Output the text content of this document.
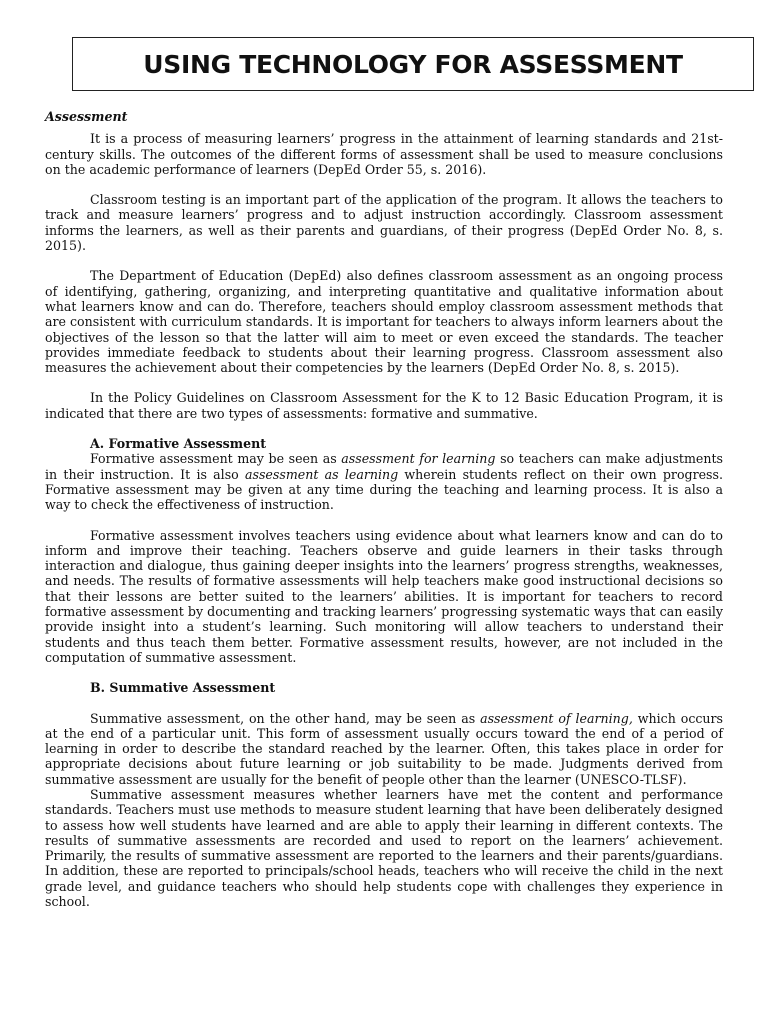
USING TECHNOLOGY FOR ASSESSMENT
Assessment

It is a process of measuring learners’ progress in the attainment of learning standards and 21st-century skills. The outcomes of the different forms of assessment shall be used to measure conclusions on the academic performance of learners (DepEd Order 55, s. 2016).

Classroom testing is an important part of the application of the program. It allows the teachers to track and measure learners’ progress and to adjust instruction accordingly. Classroom assessment informs the learners, as well as their parents and guardians, of their progress (DepEd Order No. 8, s. 2015).

The Department of Education (DepEd) also defines classroom assessment as an ongoing process of identifying, gathering, organizing, and interpreting quantitative and qualitative information about what learners know and can do. Therefore, teachers should employ classroom assessment methods that are consistent with curriculum standards. It is important for teachers to always inform learners about the objectives of the lesson so that the latter will aim to meet or even exceed the standards. The teacher provides immediate feedback to students about their learning progress. Classroom assessment also measures the achievement about their competencies by the learners (DepEd Order No. 8, s. 2015).

In the Policy Guidelines on Classroom Assessment for the K to 12 Basic Education Program, it is indicated that there are two types of assessments: formative and summative.

A. Formative Assessment

Formative assessment may be seen as assessment for learning so teachers can make adjustments in their instruction. It is also assessment as learning wherein students reflect on their own progress. Formative assessment may be given at any time during the teaching and learning process. It is also a way to check the effectiveness of instruction.

Formative assessment involves teachers using evidence about what learners know and can do to inform and improve their teaching. Teachers observe and guide learners in their tasks through interaction and dialogue, thus gaining deeper insights into the learners’ progress strengths, weaknesses, and needs. The results of formative assessments will help teachers make good instructional decisions so that their lessons are better suited to the learners’ abilities. It is important for teachers to record formative assessment by documenting and tracking learners’ progressing systematic ways that can easily provide insight into a student’s learning. Such monitoring will allow teachers to understand their students and thus teach them better. Formative assessment results, however, are not included in the computation of summative assessment.

B. Summative Assessment

Summative assessment, on the other hand, may be seen as assessment of learning, which occurs at the end of a particular unit. This form of assessment usually occurs toward the end of a period of learning in order to describe the standard reached by the learner. Often, this takes place in order for appropriate decisions about future learning or job suitability to be made. Judgments derived from summative assessment are usually for the benefit of people other than the learner (UNESCO-TLSF).

Summative assessment measures whether learners have met the content and performance standards. Teachers must use methods to measure student learning that have been deliberately designed to assess how well students have learned and are able to apply their learning in different contexts. The results of summative assessments are recorded and used to report on the learners’ achievement. Primarily, the results of summative assessment are reported to the learners and their parents/guardians. In addition, these are reported to principals/school heads, teachers who will receive the child in the next grade level, and guidance teachers who should help students cope with challenges they experience in school.
